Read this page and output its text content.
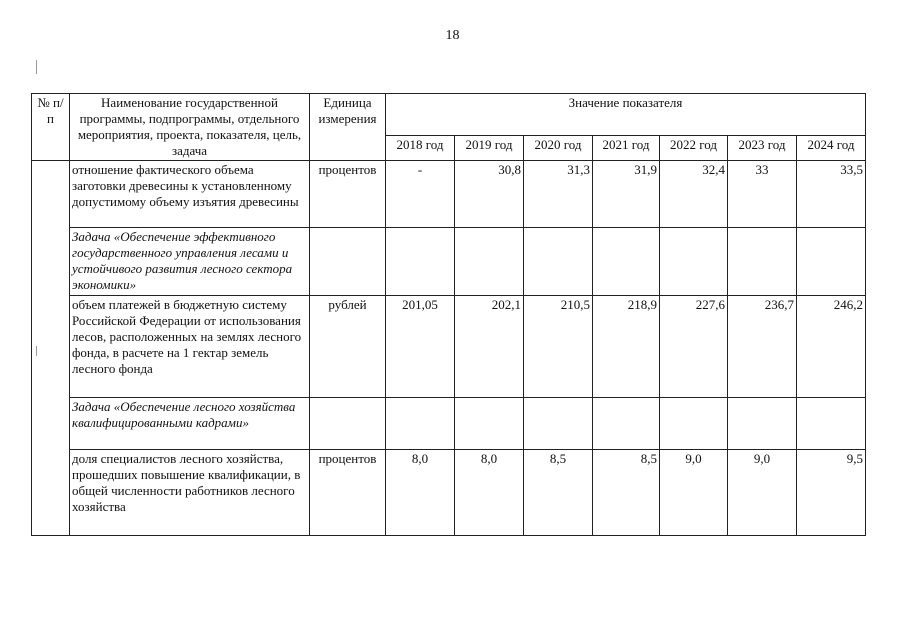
18
№ п/п	Наименование государственной программы, подпрограммы, отдельного мероприятия, проекта, показателя, цель, задача	Единица измерения	Значение показателя						
			2018 год	2019 год	2020 год	2021 год	2022 год	2023 год	2024 год
	отношение фактического объема заготовки древесины к установленному допустимому объему изъятия древесины	процентов	-	30,8	31,3	31,9	32,4	33	33,5
	Задача «Обеспечение эффективного государственного управления лесами и устойчивого развития лесного сектора экономики»								
	объем платежей в бюджетную систему Российской Федерации от использования лесов, расположенных на землях лесного фонда, в расчете на 1 гектар земель лесного фонда	рублей	201,05	202,1	210,5	218,9	227,6	236,7	246,2
	Задача «Обеспечение лесного хозяйства квалифицированными кадрами»								
	доля специалистов лесного хозяйства, прошедших повышение квалификации, в общей численности работников лесного хозяйства	процентов	8,0	8,0	8,5	8,5	9,0	9,0	9,5
